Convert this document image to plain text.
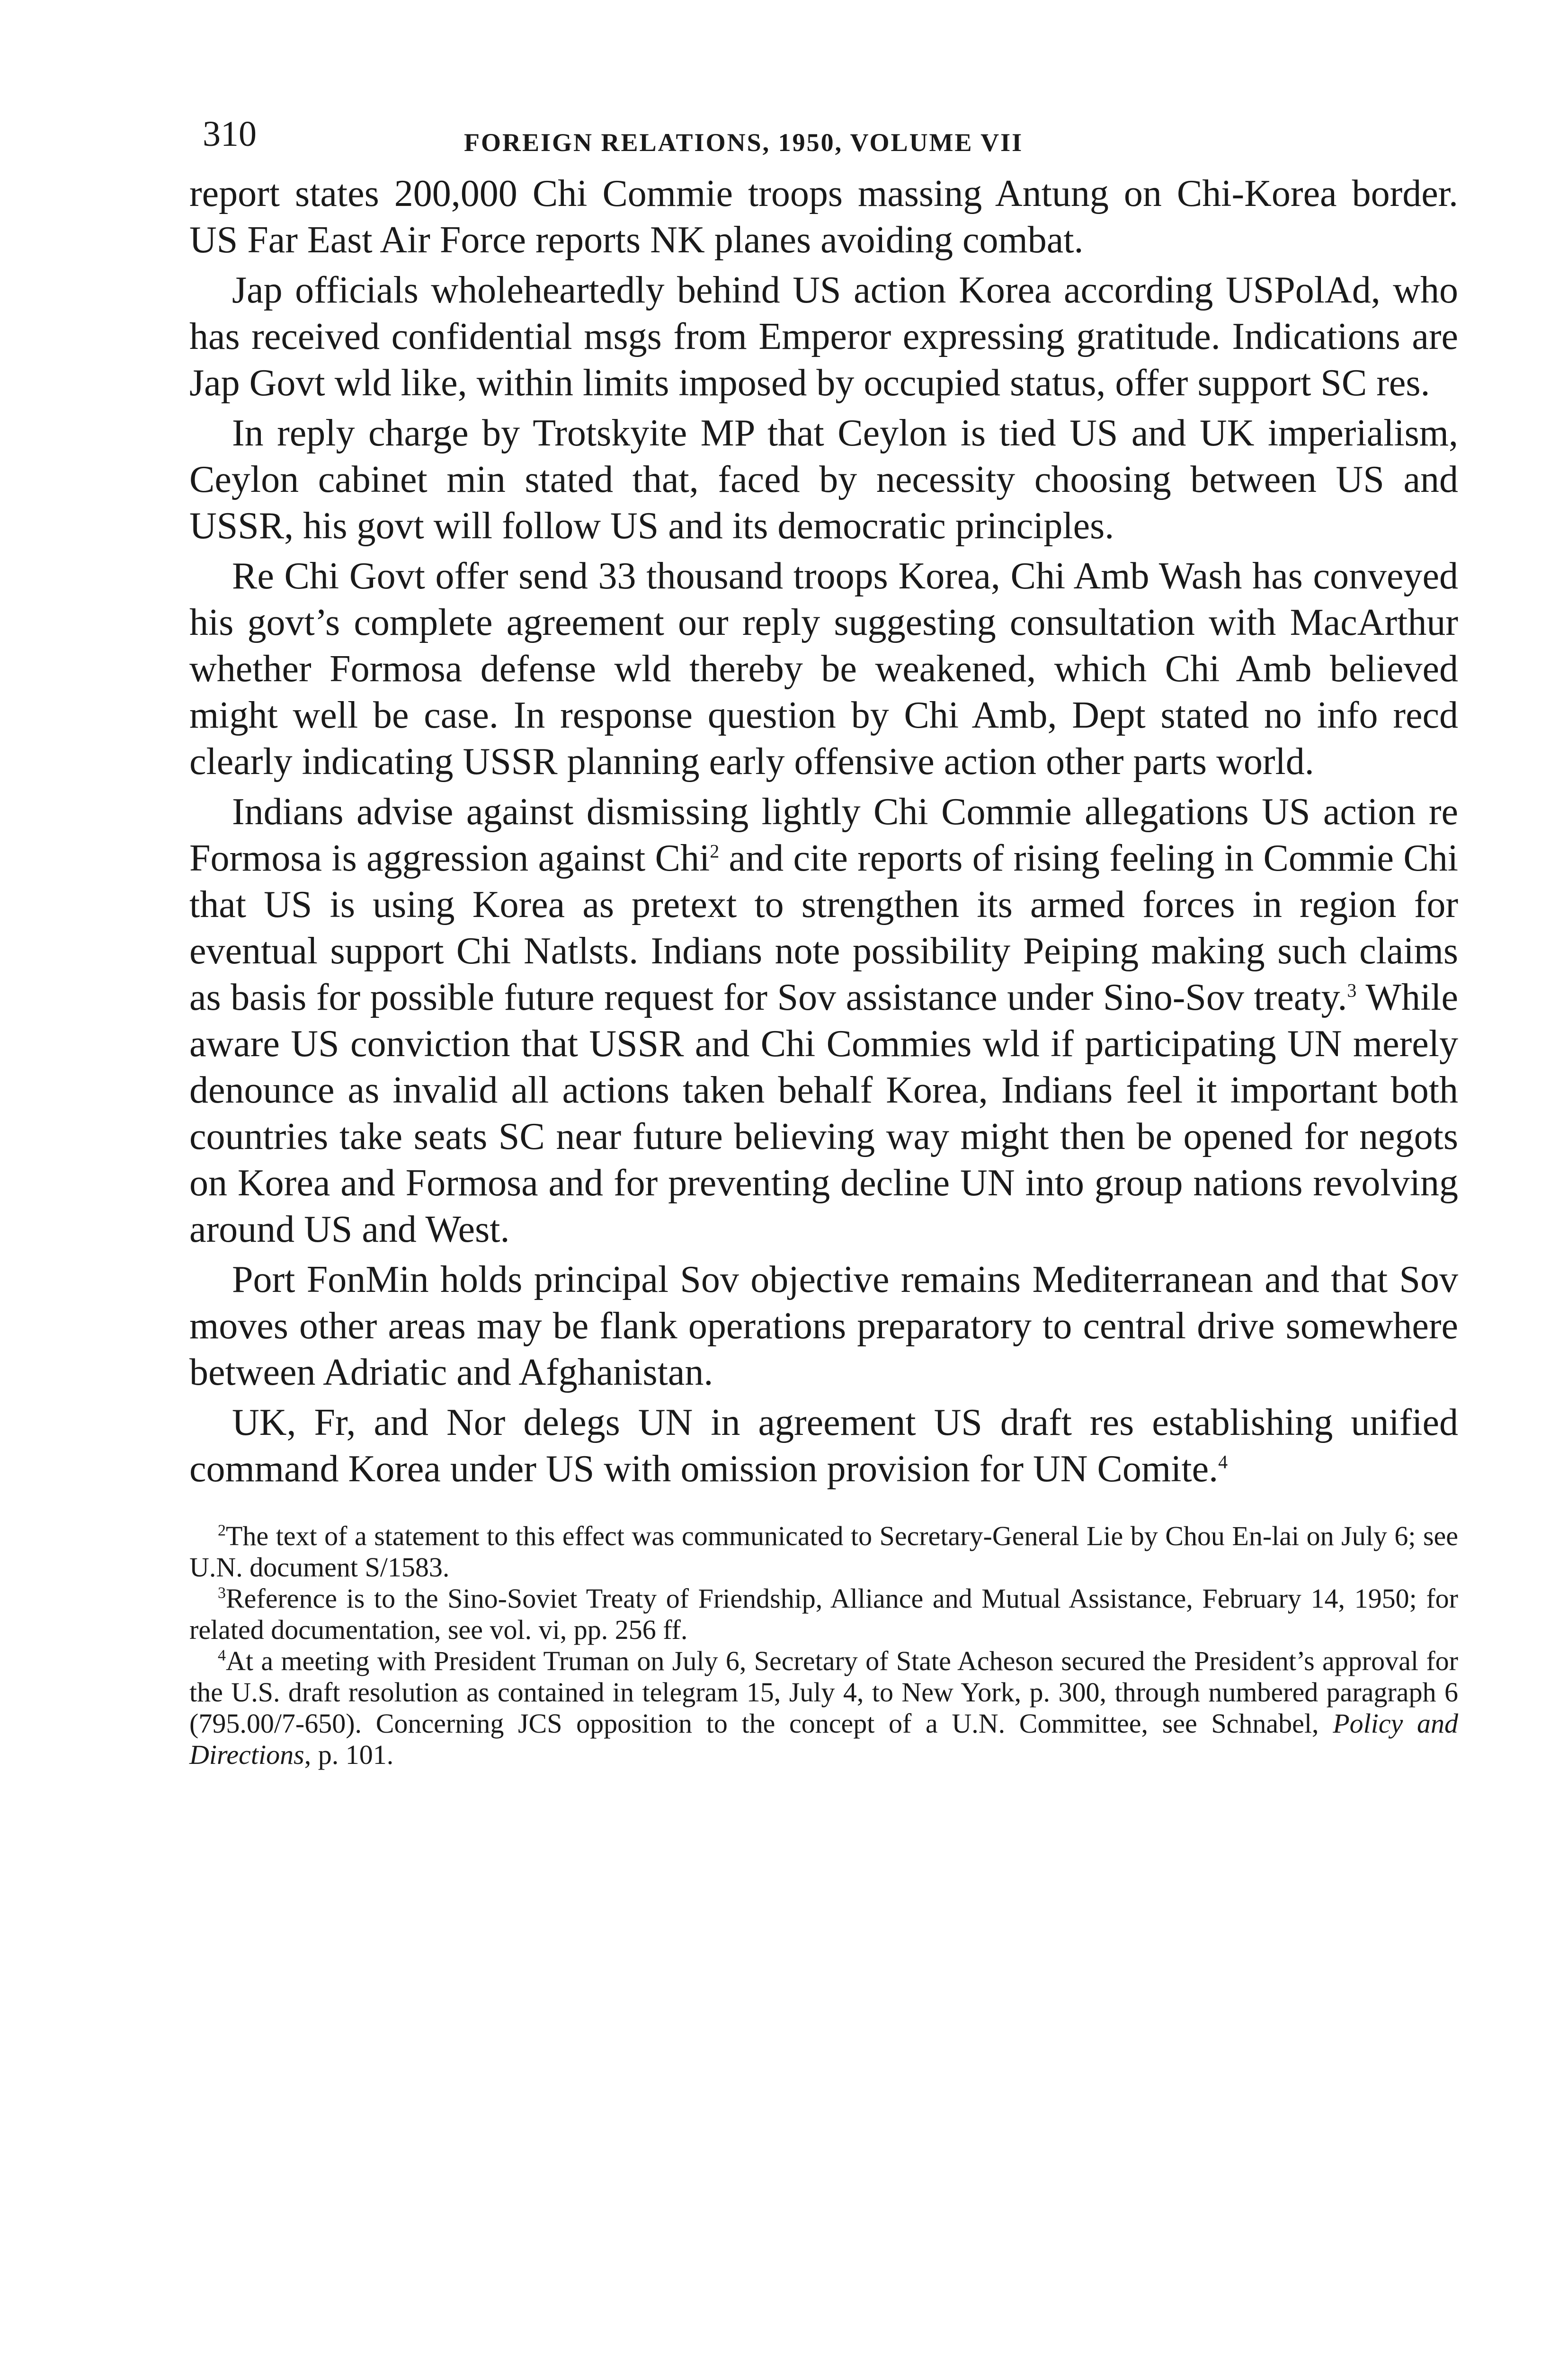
310	FOREIGN RELATIONS, 1950, VOLUME VII

report states 200,000 Chi Commie troops massing Antung on Chi-Korea border. US Far East Air Force reports NK planes avoiding combat.

Jap officials wholeheartedly behind US action Korea according USPolAd, who has received confidential msgs from Emperor expressing gratitude. Indications are Jap Govt wld like, within limits imposed by occupied status, offer support SC res.

In reply charge by Trotskyite MP that Ceylon is tied US and UK imperialism, Ceylon cabinet min stated that, faced by necessity choosing between US and USSR, his govt will follow US and its democratic principles.

Re Chi Govt offer send 33 thousand troops Korea, Chi Amb Wash has conveyed his govt’s complete agreement our reply suggesting consultation with MacArthur whether Formosa defense wld thereby be weakened, which Chi Amb believed might well be case. In response question by Chi Amb, Dept stated no info recd clearly indicating USSR planning early offensive action other parts world.

Indians advise against dismissing lightly Chi Commie allegations US action re Formosa is aggression against Chi$^2$ and cite reports of rising feeling in Commie Chi that US is using Korea as pretext to strengthen its armed forces in region for eventual support Chi Natlsts. Indians note possibility Peiping making such claims as basis for possible future request for Sov assistance under Sino-Sov treaty.$^3$ While aware US conviction that USSR and Chi Commies wld if participating UN merely denounce as invalid all actions taken behalf Korea, Indians feel it important both countries take seats SC near future believing way might then be opened for negots on Korea and Formosa and for preventing decline UN into group nations revolving around US and West.

Port FonMin holds principal Sov objective remains Mediterranean and that Sov moves other areas may be flank operations preparatory to central drive somewhere between Adriatic and Afghanistan.

UK, Fr, and Nor delegs UN in agreement US draft res establishing unified command Korea under US with omission provision for UN Comite.$^4$

$^2$The text of a statement to this effect was communicated to Secretary-General Lie by Chou En-lai on July 6; see U.N. document S/1583.

$^3$Reference is to the Sino-Soviet Treaty of Friendship, Alliance and Mutual Assistance, February 14, 1950; for related documentation, see vol. vi, pp. 256 ff.

$^4$At a meeting with President Truman on July 6, Secretary of State Acheson secured the President’s approval for the U.S. draft resolution as contained in telegram 15, July 4, to New York, p. 300, through numbered paragraph 6 (795.00/7-650). Concerning JCS opposition to the concept of a U.N. Committee, see Schnabel, Policy and Directions, p. 101.
